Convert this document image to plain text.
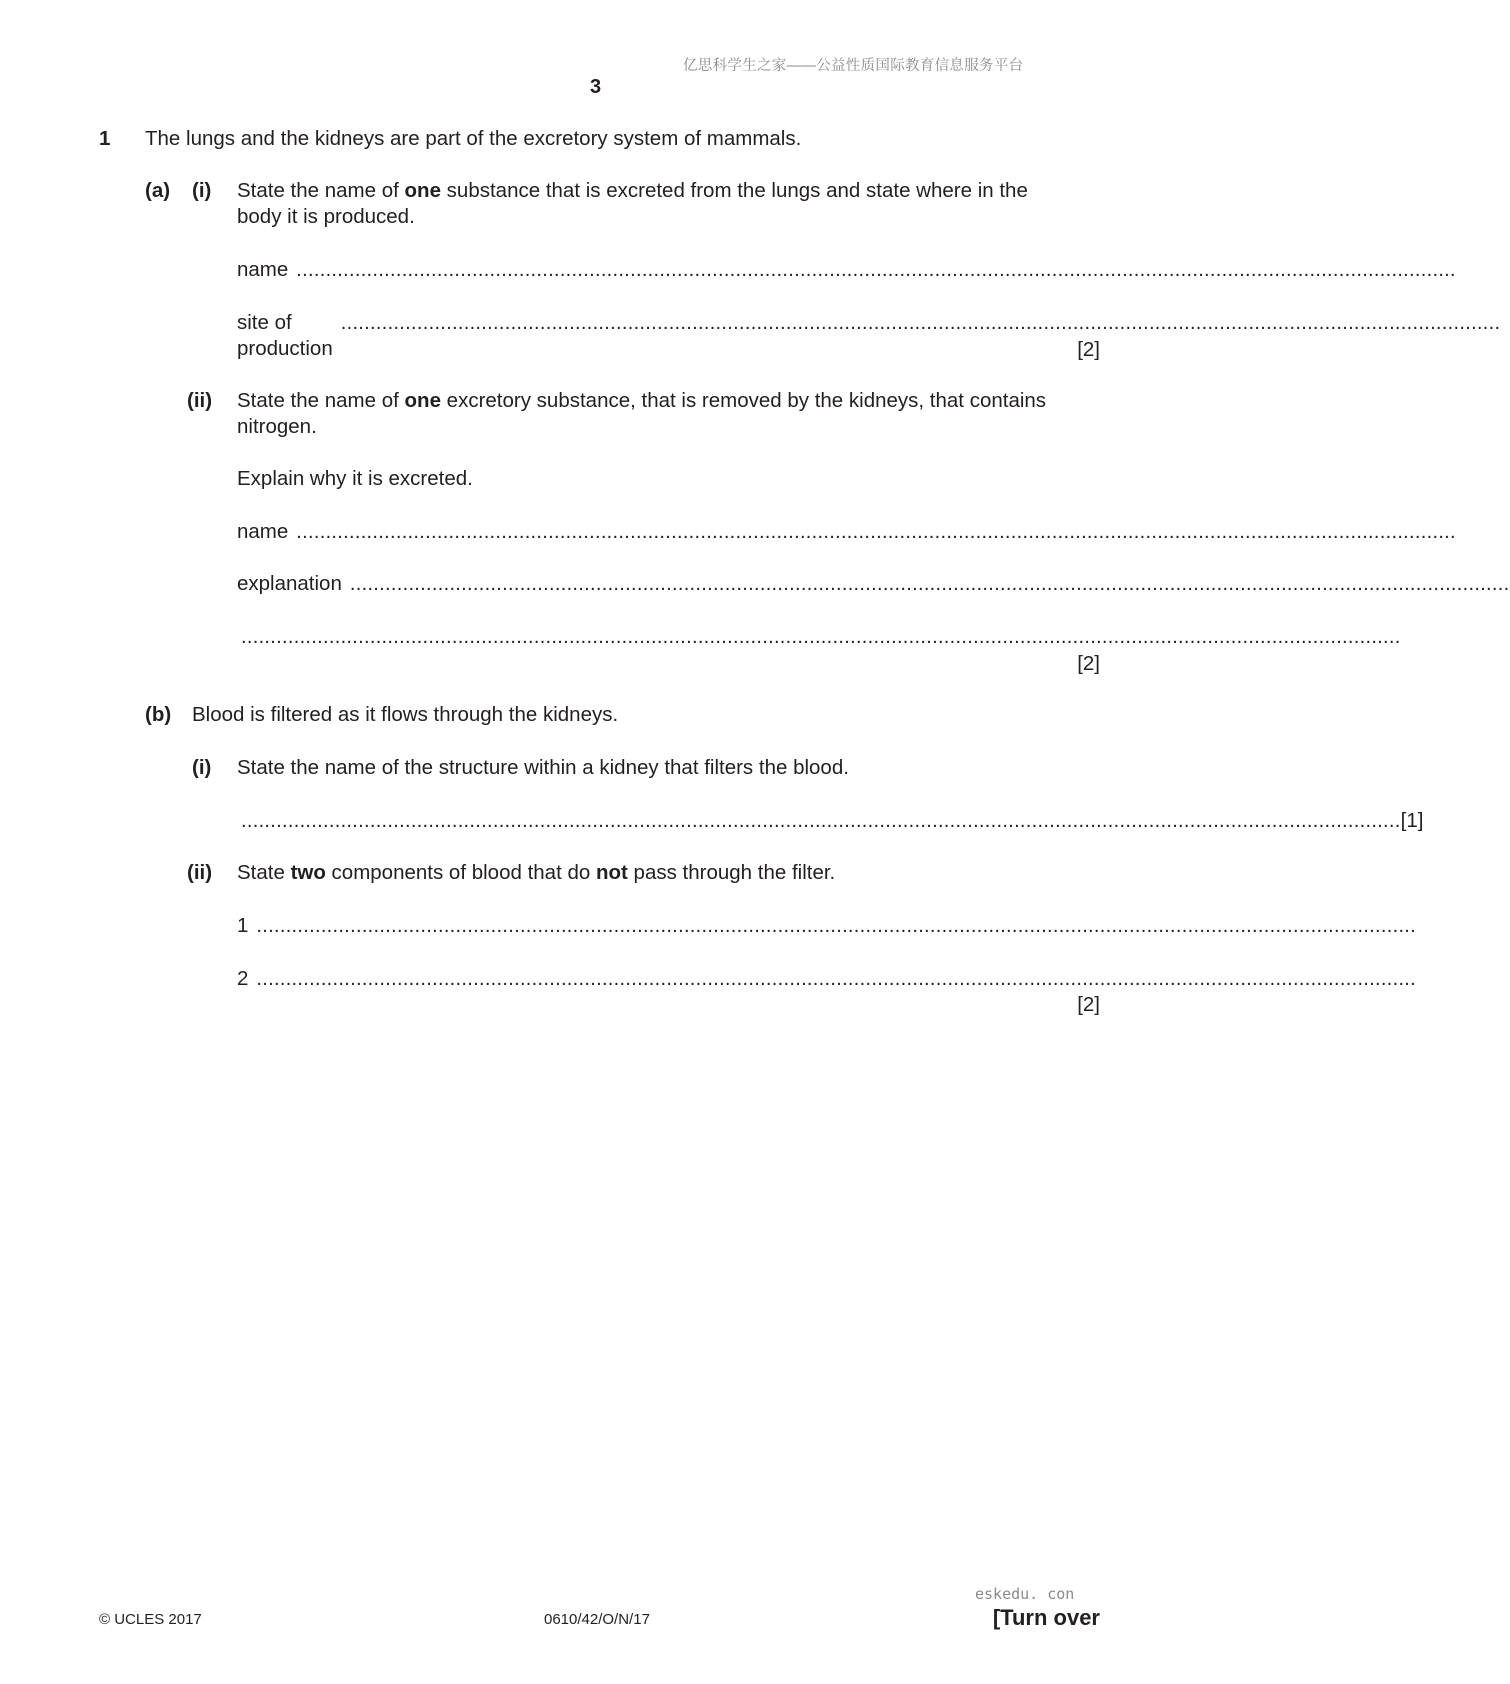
亿思科学生之家——公益性质国际教育信息服务平台
3
1 The lungs and the kidneys are part of the excretory system of mammals.
(a) (i) State the name of one substance that is excreted from the lungs and state where in the
body it is produced.
name ......................................................................................................................................................................................................
site of production
......................................................................................................................................................................................................
[2]
(ii) State the name of one excretory substance, that is removed by the kidneys, that contains
nitrogen.
Explain why it is excreted.
name ......................................................................................................................................................................................................
explanation ......................................................................................................................................................................................................
......................................................................................................................................................................................................
[2]
(b) Blood is filtered as it flows through the kidneys.
(i) State the name of the structure within a kidney that filters the blood.
...................................................................................................................................................................................................... [1]
(ii) State two components of blood that do not pass through the filter.
1 ......................................................................................................................................................................................................
2 ......................................................................................................................................................................................................
[2]
eskedu. con
© UCLES 2017	0610/42/O/N/17	[Turn over
